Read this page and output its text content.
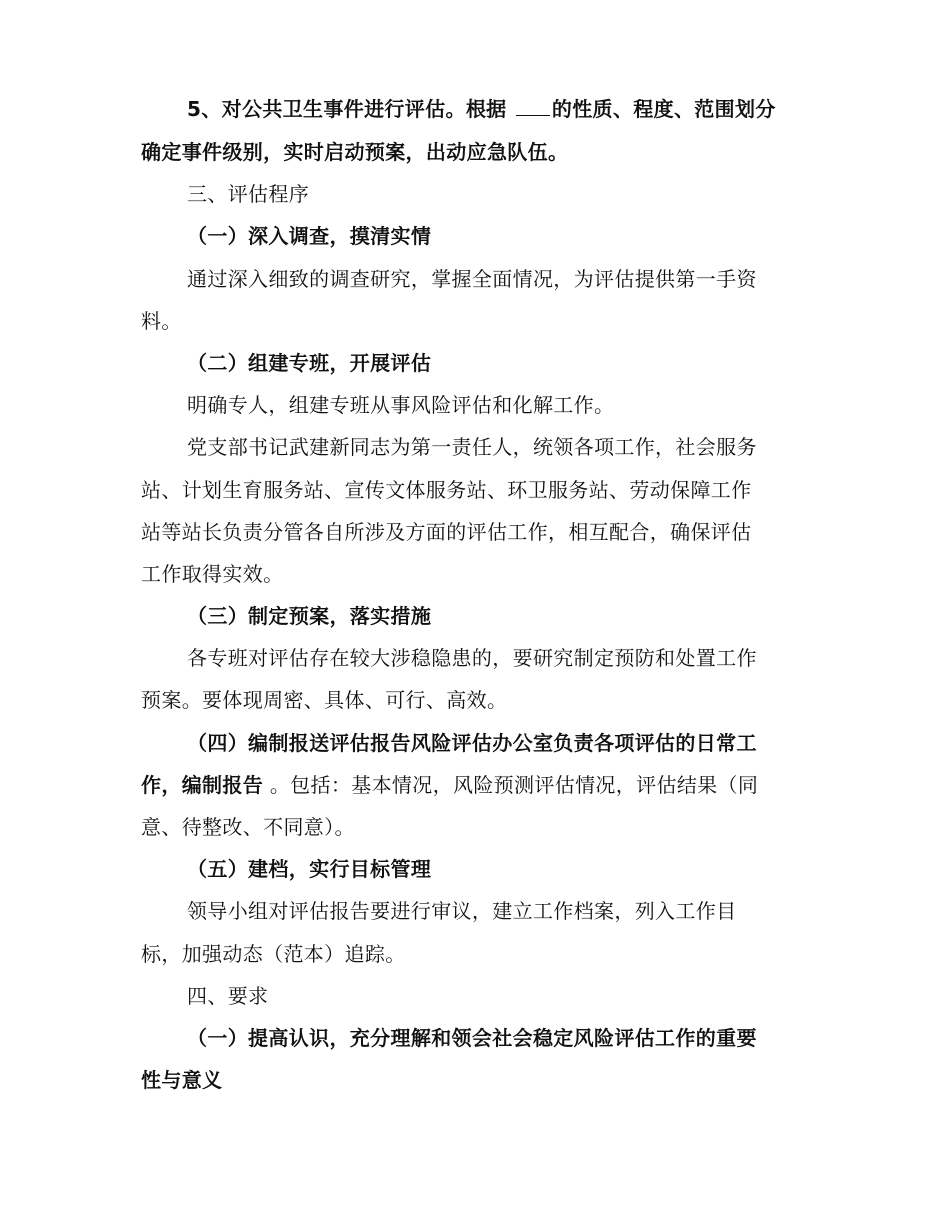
5、对公共卫生事件进行评估。根据 的性质、程度、范围划分
确定事件级别，实时启动预案，出动应急队伍。
三、评估程序
（一）深入调查，摸清实情
通过深入细致的调查研究，掌握全面情况，为评估提供第一手资
料。
（二）组建专班，开展评估
明确专人，组建专班从事风险评估和化解工作。
党支部书记武建新同志为第一责任人，统领各项工作，社会服务
站、计划生育服务站、宣传文体服务站、环卫服务站、劳动保障工作
站等站长负责分管各自所涉及方面的评估工作，相互配合，确保评估
工作取得实效。
（三）制定预案，落实措施
各专班对评估存在较大涉稳隐患的，要研究制定预防和处置工作
预案。要体现周密、具体、可行、高效。
（四）编制报送评估报告风险评估办公室负责各项评估的日常工
作，编制报告 。包括：基本情况，风险预测评估情况，评估结果（同
意、待整改、不同意）。
（五）建档，实行目标管理
领导小组对评估报告要进行审议，建立工作档案，列入工作目
标，加强动态（范本）追踪。
四、要求
（一）提高认识，充分理解和领会社会稳定风险评估工作的重要
性与意义
